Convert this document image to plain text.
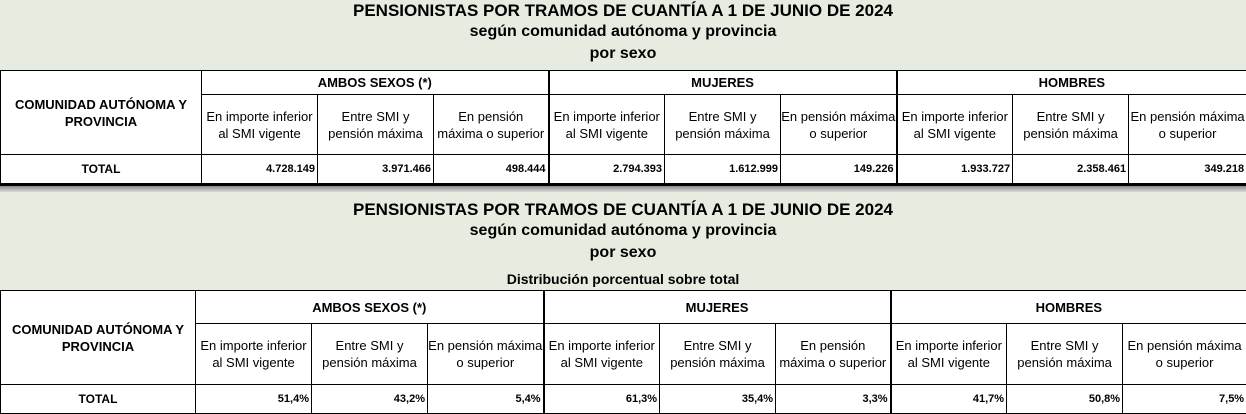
PENSIONISTAS POR TRAMOS DE CUANTÍA A 1 DE JUNIO DE 2024
según comunidad autónoma y provincia
por sexo
COMUNIDAD AUTÓNOMA Y PROVINCIA	AMBOS SEXOS (*)			MUJERES			HOMBRES		
	En importe inferior al SMI vigente	Entre SMI y pensión máxima	En pensión máxima o superior	En importe inferior al SMI vigente	Entre SMI y pensión máxima	En pensión máxima o superior	En importe inferior al SMI vigente	Entre SMI y pensión máxima	En pensión máxima o superior
TOTAL	4.728.149	3.971.466	498.444	2.794.393	1.612.999	149.226	1.933.727	2.358.461	349.218
PENSIONISTAS POR TRAMOS DE CUANTÍA A 1 DE JUNIO DE 2024
según comunidad autónoma y provincia
por sexo
Distribución porcentual sobre total
COMUNIDAD AUTÓNOMA Y PROVINCIA	AMBOS SEXOS (*)			MUJERES			HOMBRES		
	En importe inferior al SMI vigente	Entre SMI y pensión máxima	En pensión máxima o superior	En importe inferior al SMI vigente	Entre SMI y pensión máxima	En pensión máxima o superior	En importe inferior al SMI vigente	Entre SMI y pensión máxima	En pensión máxima o superior
TOTAL	51,4%	43,2%	5,4%	61,3%	35,4%	3,3%	41,7%	50,8%	7,5%
